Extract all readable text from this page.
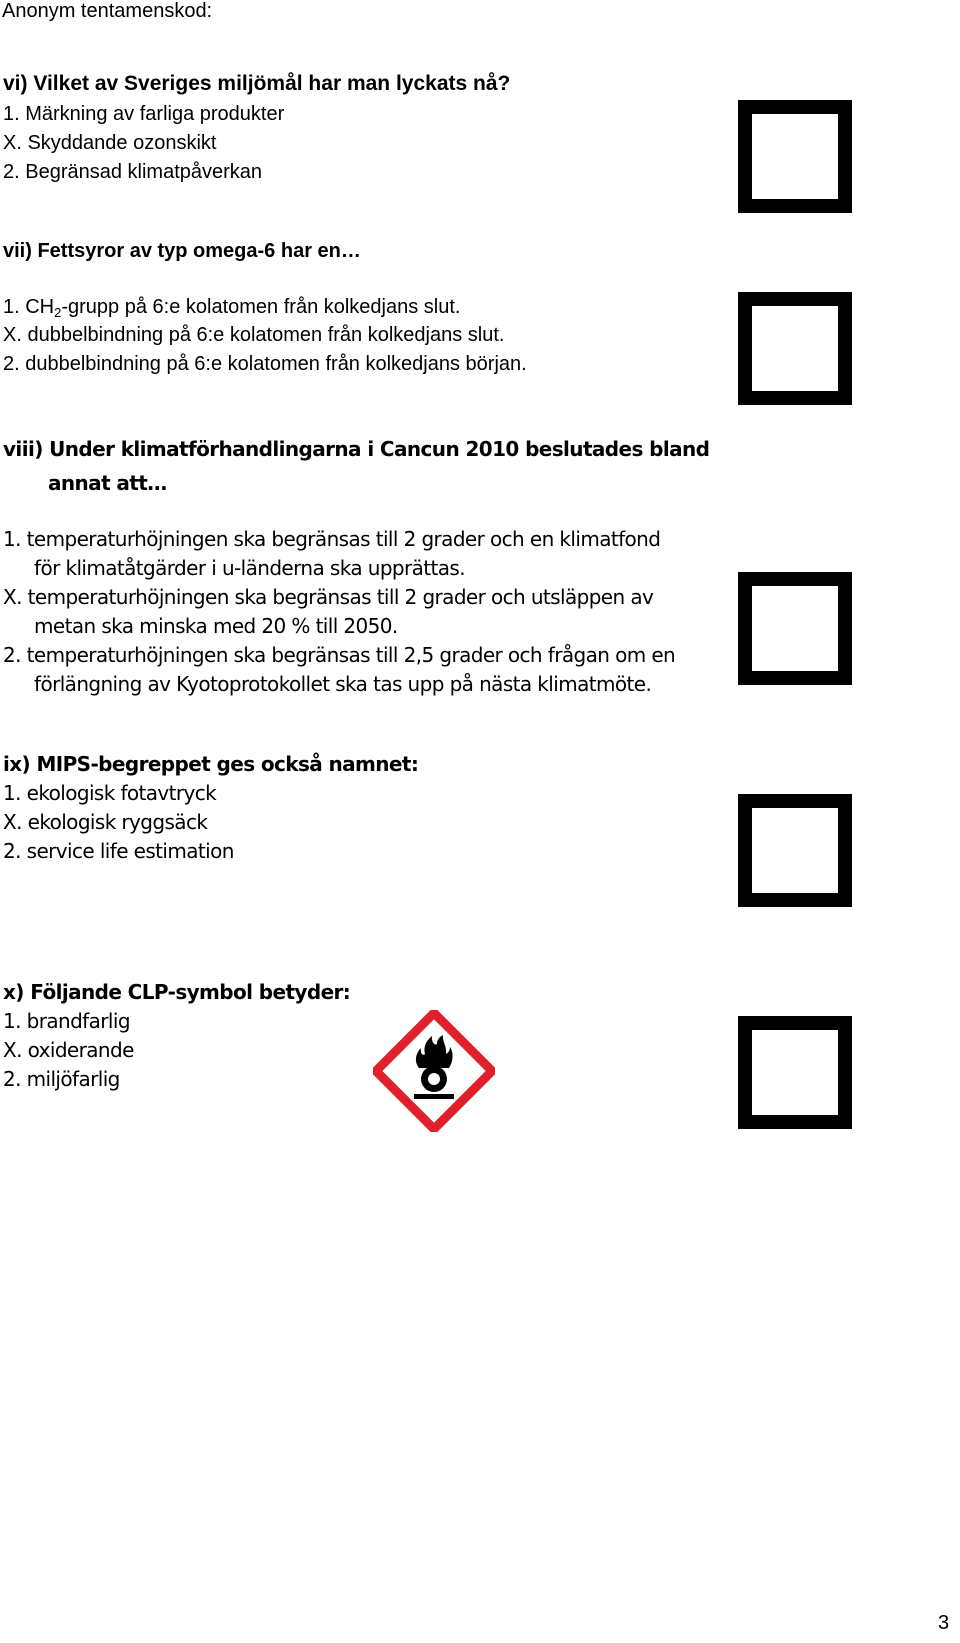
Anonym tentamenskod:
vi) Vilket av Sveriges miljömål har man lyckats nå?
1. Märkning av farliga produkter
X. Skyddande ozonskikt
2. Begränsad klimatpåverkan
vii) Fettsyror av typ omega-6 har en…
1. $CH_2$-grupp på 6:e kolatomen från kolkedjans slut.
X. dubbelbindning på 6:e kolatomen från kolkedjans slut.
2. dubbelbindning på 6:e kolatomen från kolkedjans början.
viii) Under klimatförhandlingarna i Cancun 2010 beslutades bland
annat att…
1. temperaturhöjningen ska begränsas till 2 grader och en klimatfond
för klimatåtgärder i u-länderna ska upprättas.
X. temperaturhöjningen ska begränsas till 2 grader och utsläppen av
metan ska minska med 20 % till 2050.
2. temperaturhöjningen ska begränsas till 2,5 grader och frågan om en
förlängning av Kyotoprotokollet ska tas upp på nästa klimatmöte.
ix) MIPS-begreppet ges också namnet:
1. ekologisk fotavtryck
X. ekologisk ryggsäck
2. service life estimation
x) Följande CLP-symbol betyder:
1. brandfarlig
X. oxiderande
2. miljöfarlig
3
